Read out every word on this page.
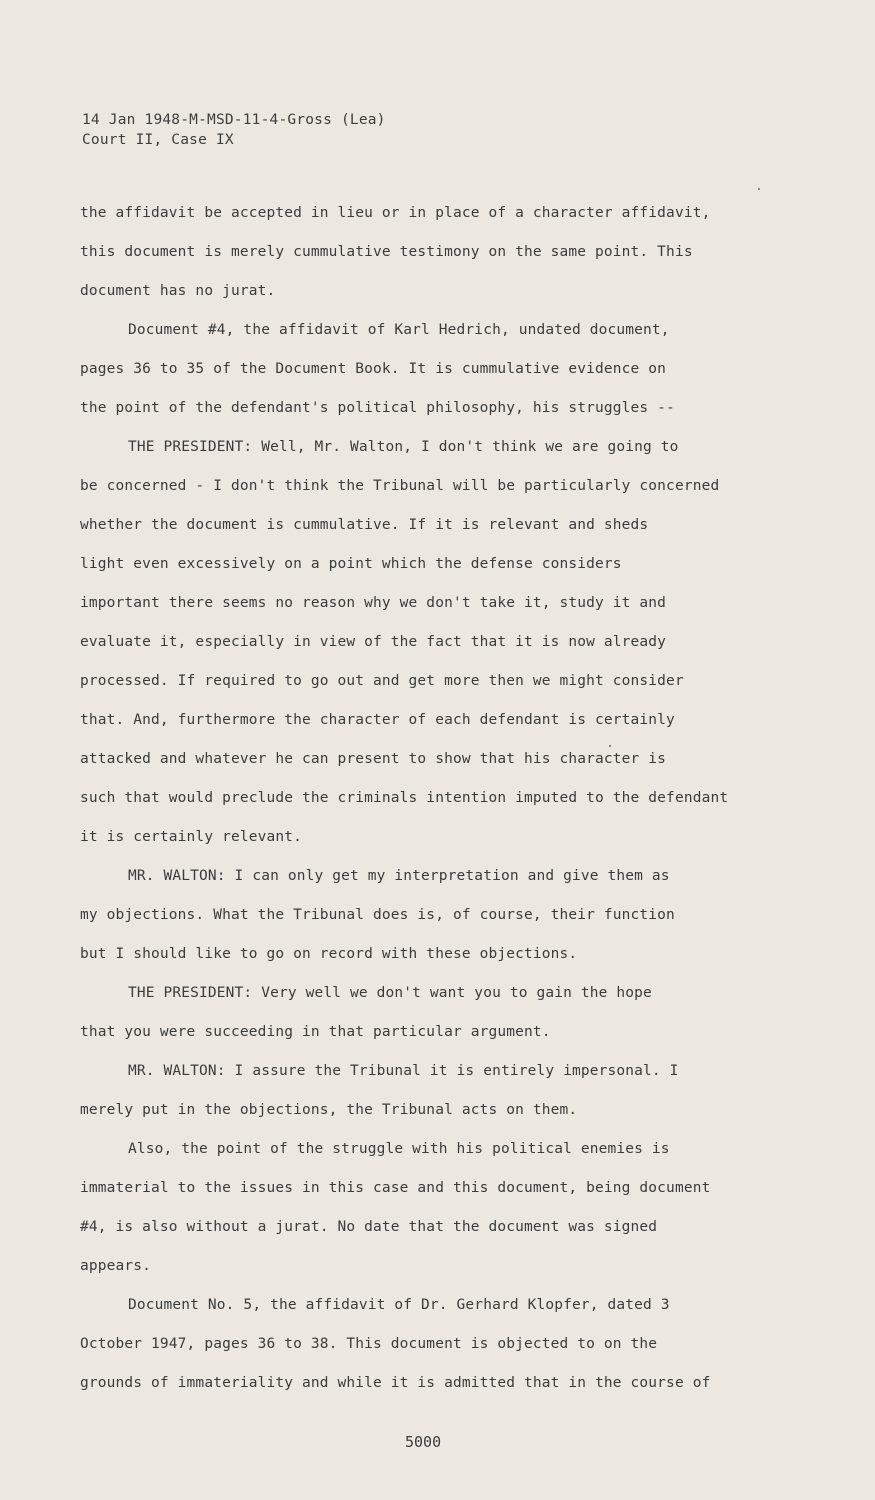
14 Jan 1948-M-MSD-11-4-Gross (Lea)
Court II, Case IX
the affidavit be accepted in lieu or in place of a character affidavit,
this document is merely cummulative testimony on the same point. This
document has no jurat.
Document #4, the affidavit of Karl Hedrich, undated document,
pages 36 to 35 of the Document Book. It is cummulative evidence on
the point of the defendant's political philosophy, his struggles --
THE PRESIDENT: Well, Mr. Walton, I don't think we are going to
be concerned - I don't think the Tribunal will be particularly concerned
whether the document is cummulative. If it is relevant and sheds
light even excessively on a point which the defense considers
important there seems no reason why we don't take it, study it and
evaluate it, especially in view of the fact that it is now already
processed. If required to go out and get more then we might consider
that. And, furthermore the character of each defendant is certainly
attacked and whatever he can present to show that his character is
such that would preclude the criminals intention imputed to the defendant
it is certainly relevant.
MR. WALTON: I can only get my interpretation and give them as
my objections. What the Tribunal does is, of course, their function
but I should like to go on record with these objections.
THE PRESIDENT: Very well we don't want you to gain the hope
that you were succeeding in that particular argument.
MR. WALTON: I assure the Tribunal it is entirely impersonal. I
merely put in the objections, the Tribunal acts on them.
Also, the point of the struggle with his political enemies is
immaterial to the issues in this case and this document, being document
#4, is also without a jurat. No date that the document was signed
appears.
Document No. 5, the affidavit of Dr. Gerhard Klopfer, dated 3
October 1947, pages 36 to 38. This document is objected to on the
grounds of immateriality and while it is admitted that in the course of
5000
